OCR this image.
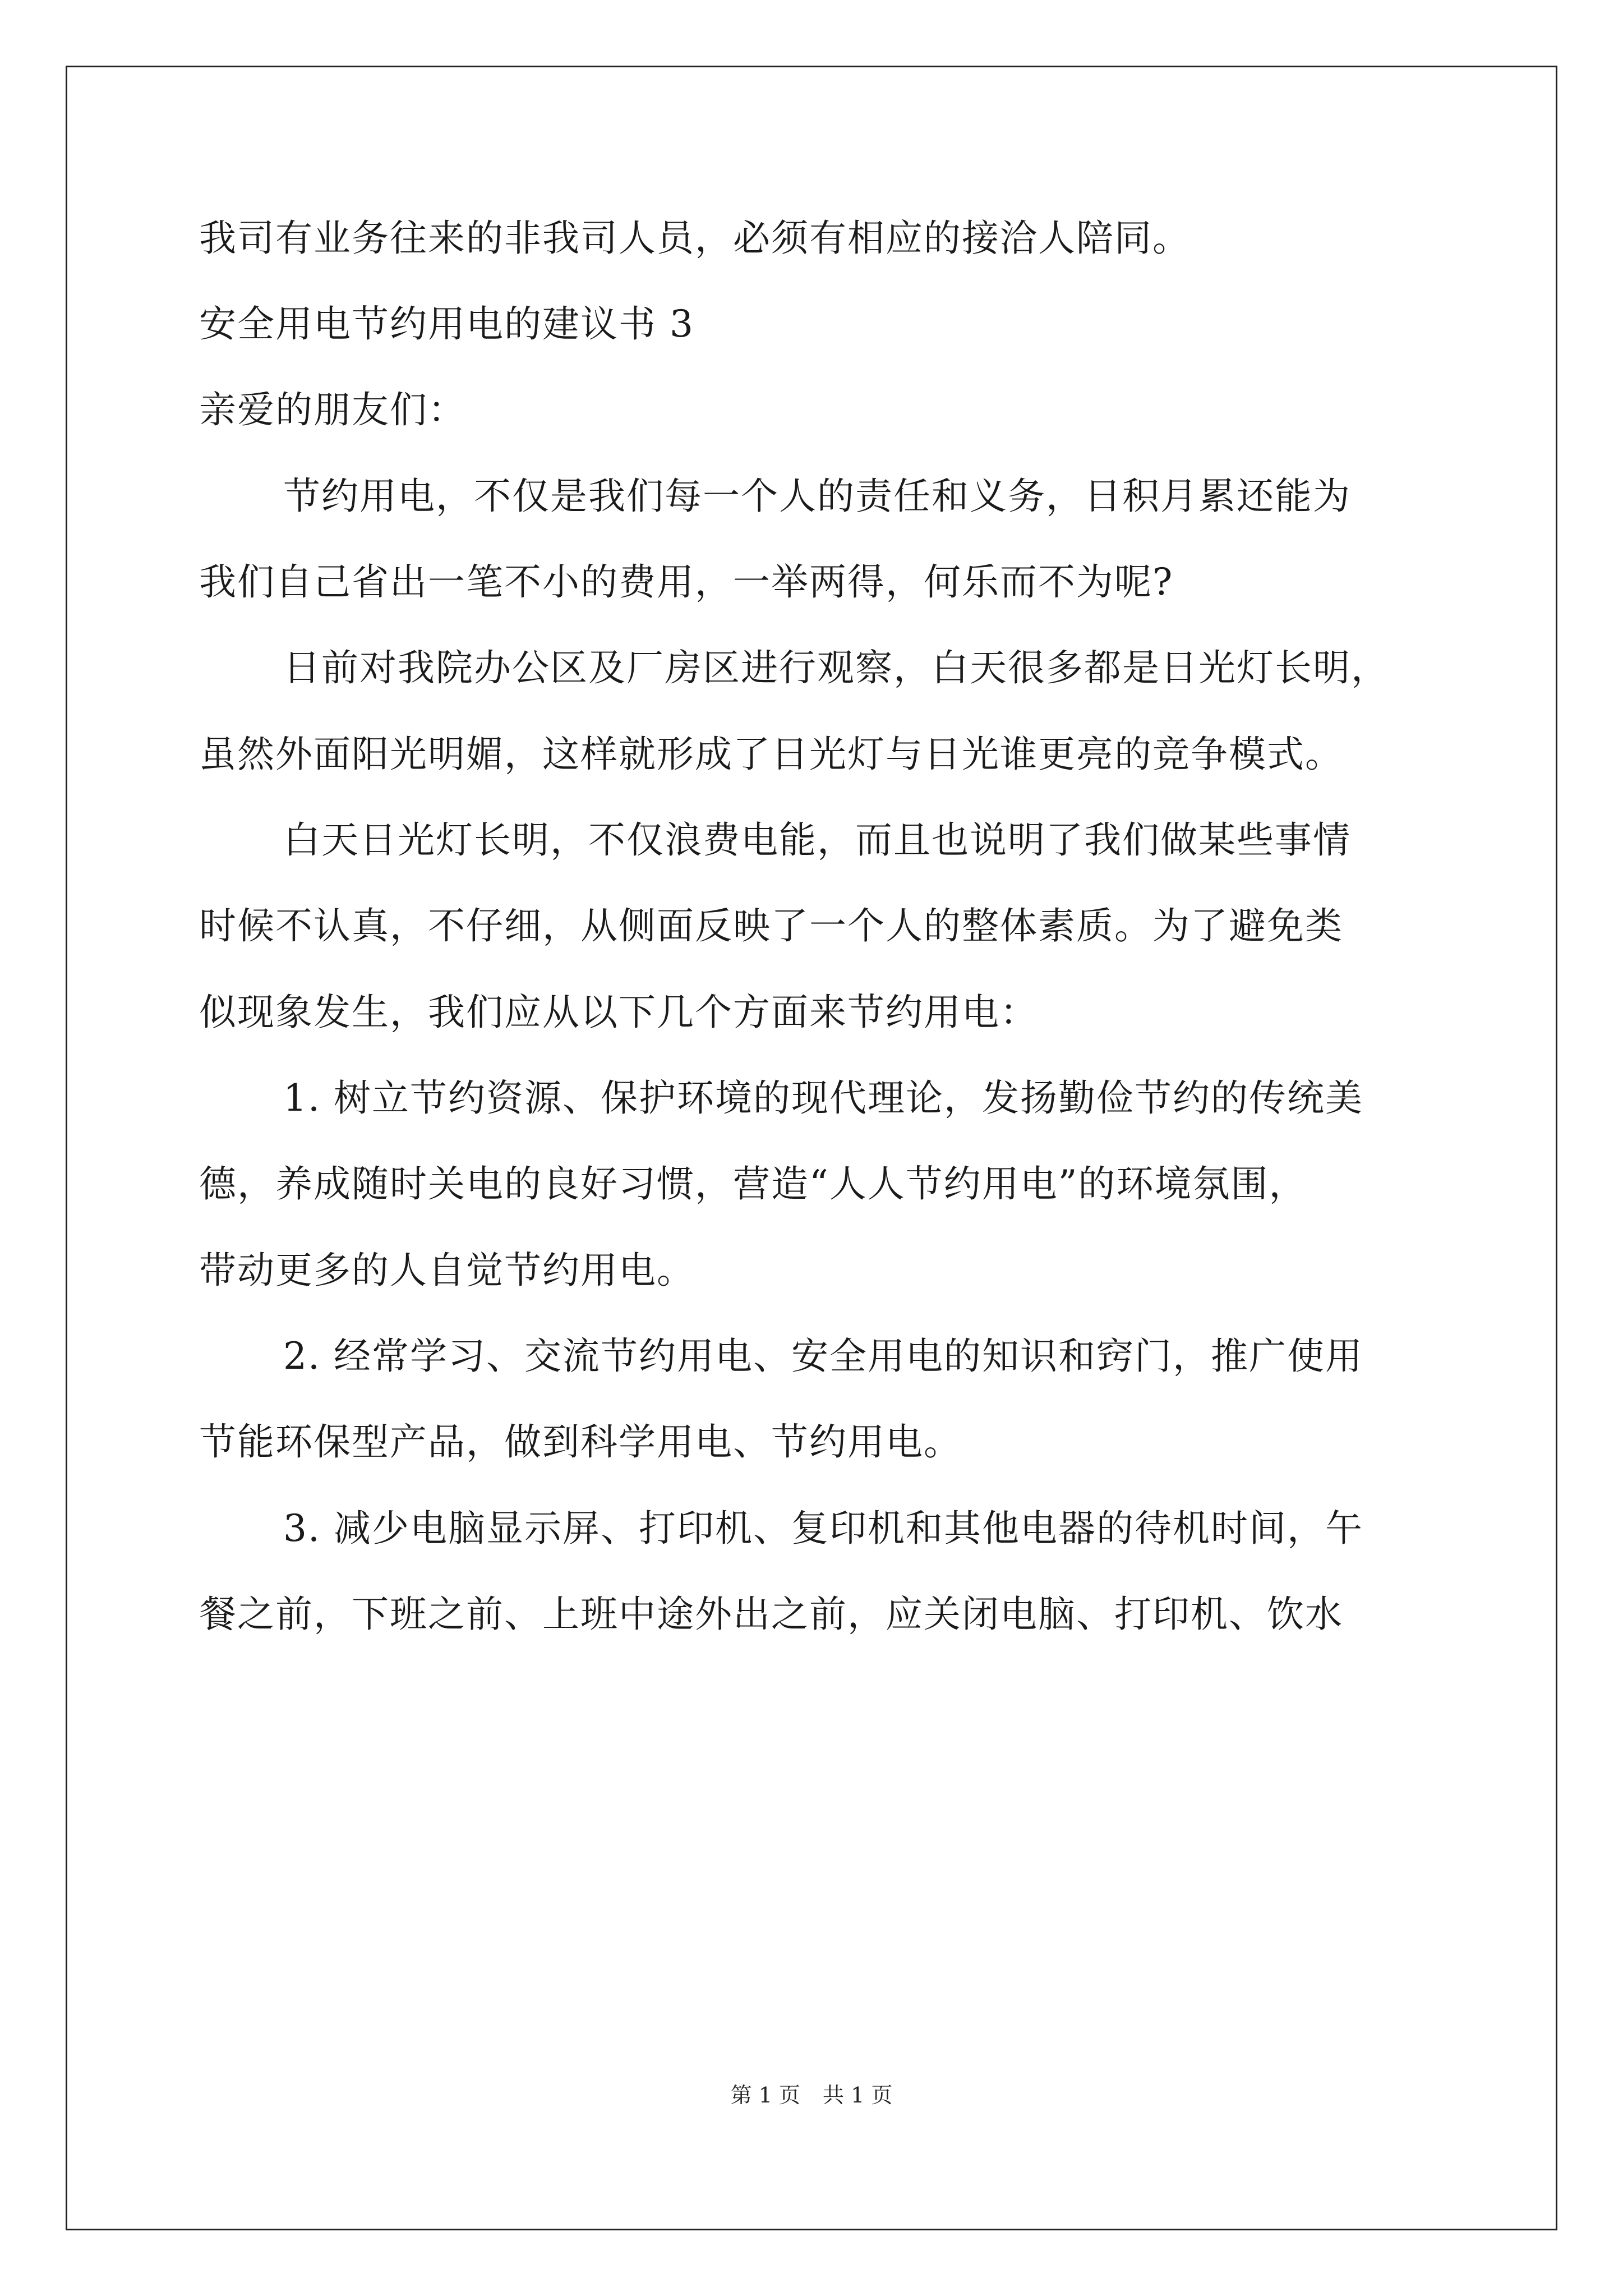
我司有业务往来的非我司人员，必须有相应的接洽人陪同。
安全用电节约用电的建议书 3
亲爱的朋友们：
节约用电，不仅是我们每一个人的责任和义务，日积月累还能为
我们自己省出一笔不小的费用，一举两得，何乐而不为呢?
日前对我院办公区及厂房区进行观察，白天很多都是日光灯长明，
虽然外面阳光明媚，这样就形成了日光灯与日光谁更亮的竞争模式。
白天日光灯长明，不仅浪费电能，而且也说明了我们做某些事情
时候不认真，不仔细，从侧面反映了一个人的整体素质。为了避免类
似现象发生，我们应从以下几个方面来节约用电：
1. 树立节约资源、保护环境的现代理论，发扬勤俭节约的传统美
德，养成随时关电的良好习惯，营造“人人节约用电”的环境氛围，
带动更多的人自觉节约用电。
2. 经常学习、交流节约用电、安全用电的知识和窍门，推广使用
节能环保型产品，做到科学用电、节约用电。
3. 减少电脑显示屏、打印机、复印机和其他电器的待机时间，午
餐之前，下班之前、上班中途外出之前，应关闭电脑、打印机、饮水
第 1 页 共 1 页
